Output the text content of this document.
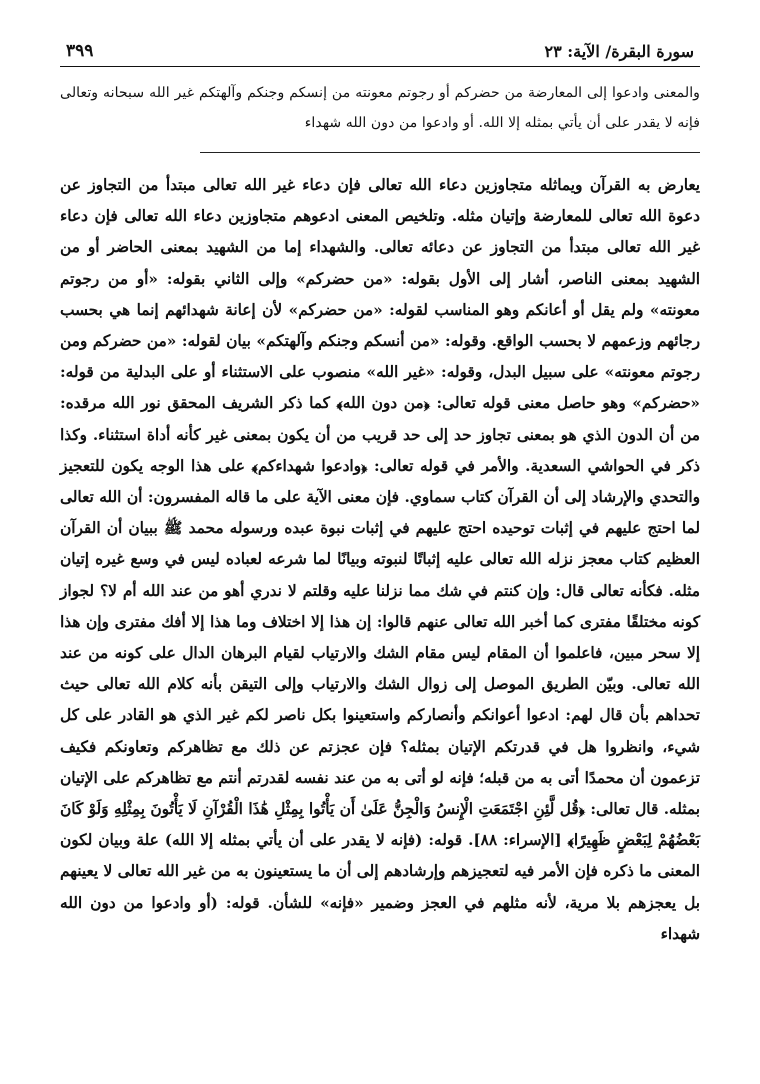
سورة البقرة/ الآية: ٢٣
٣٩٩
والمعنى وادعوا إلى المعارضة من حضركم أو رجوتم معونته من إنسكم وجنكم وآلهتكم غير الله سبحانه وتعالى فإنه لا يقدر على أن يأتي بمثله إلا الله. أو وادعوا من دون الله شهداء

يعارض به القرآن ويماثله متجاوزين دعاء الله تعالى فإن دعاء غير الله تعالى مبتدأ من التجاوز عن دعوة الله تعالى للمعارضة وإتيان مثله. وتلخيص المعنى ادعوهم متجاوزين دعاء الله تعالى فإن دعاء غير الله تعالى مبتدأ من التجاوز عن دعائه تعالى. والشهداء إما من الشهيد بمعنى الحاضر أو من الشهيد بمعنى الناصر، أشار إلى الأول بقوله: «من حضركم» وإلى الثاني بقوله: «أو من رجوتم معونته» ولم يقل أو أعانكم وهو المناسب لقوله: «من حضركم» لأن إعانة شهدائهم إنما هي بحسب رجائهم وزعمهم لا بحسب الواقع. وقوله: «من أنسكم وجنكم وآلهتكم» بيان لقوله: «من حضركم ومن رجوتم معونته» على سبيل البدل، وقوله: «غير الله» منصوب على الاستثناء أو على البدلية من قوله: «حضركم» وهو حاصل معنى قوله تعالى: ﴿من دون الله﴾ كما ذكر الشريف المحقق نور الله مرقده: من أن الدون الذي هو بمعنى تجاوز حد إلى حد قريب من أن يكون بمعنى غير كأنه أداة استثناء. وكذا ذكر في الحواشي السعدية. والأمر في قوله تعالى: ﴿وادعوا شهداءكم﴾ على هذا الوجه يكون للتعجيز والتحدي والإرشاد إلى أن القرآن كتاب سماوي. فإن معنى الآية على ما قاله المفسرون: أن الله تعالى لما احتج عليهم في إثبات توحيده احتج عليهم في إثبات نبوة عبده ورسوله محمد ﷺ ببيان أن القرآن العظيم كتاب معجز نزله الله تعالى عليه إثباتًا لنبوته وبيانًا لما شرعه لعباده ليس في وسع غيره إتيان مثله. فكأنه تعالى قال: وإن كنتم في شك مما نزلنا عليه وقلتم لا ندري أهو من عند الله أم لا؟ لجواز كونه مختلقًا مفترى كما أخبر الله تعالى عنهم قالوا: إن هذا إلا اختلاف وما هذا إلا أفك مفترى وإن هذا إلا سحر مبين، فاعلموا أن المقام ليس مقام الشك والارتياب لقيام البرهان الدال على كونه من عند الله تعالى. وبيّن الطريق الموصل إلى زوال الشك والارتياب وإلى التيقن بأنه كلام الله تعالى حيث تحداهم بأن قال لهم: ادعوا أعوانكم وأنصاركم واستعينوا بكل ناصر لكم غير الذي هو القادر على كل شيء، وانظروا هل في قدرتكم الإتيان بمثله؟ فإن عجزتم عن ذلك مع تظاهركم وتعاونكم فكيف تزعمون أن محمدًا أتى به من قبله؛ فإنه لو أتى به من عند نفسه لقدرتم أنتم مع تظاهركم على الإتيان بمثله. قال تعالى: ﴿قُل لَّئِنِ اجْتَمَعَتِ الْإِنسُ وَالْجِنُّ عَلَىٰ أَن يَأْتُوا بِمِثْلِ هَٰذَا الْقُرْآنِ لَا يَأْتُونَ بِمِثْلِهِ وَلَوْ كَانَ بَعْضُهُمْ لِبَعْضٍ ظَهِيرًا﴾ [الإسراء: ٨٨]. قوله: (فإنه لا يقدر على أن يأتي بمثله إلا الله) علة وبيان لكون المعنى ما ذكره فإن الأمر فيه لتعجيزهم وإرشادهم إلى أن ما يستعينون به من غير الله تعالى لا يعينهم بل يعجزهم بلا مرية، لأنه مثلهم في العجز وضمير «فإنه» للشأن. قوله: (أو وادعوا من دون الله شهداء
